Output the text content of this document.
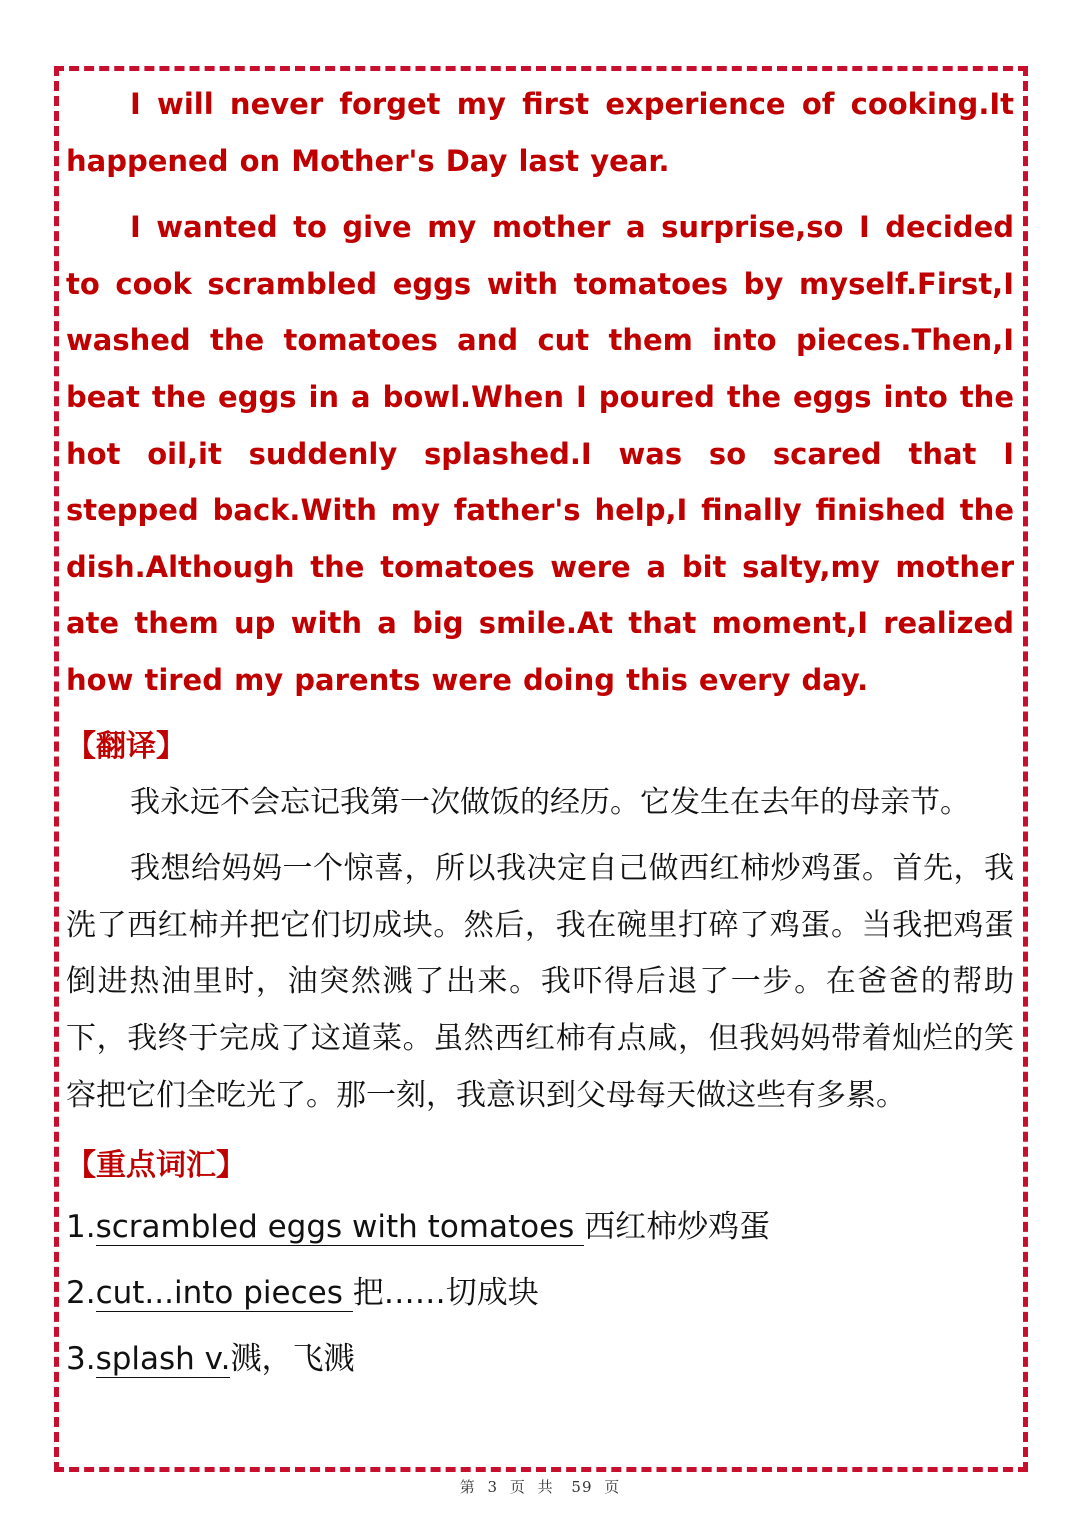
I will never forget my first experience of cooking.It happened on Mother's Day last year.

I wanted to give my mother a surprise,so I decided to cook scrambled eggs with tomatoes by myself.First,I washed the tomatoes and cut them into pieces.Then,I beat the eggs in a bowl.When I poured the eggs into the hot oil,it suddenly splashed.I was so scared that I stepped back.With my father's help,I finally finished the dish.Although the tomatoes were a bit salty,my mother ate them up with a big smile.At that moment,I realized how tired my parents were doing this every day.

【翻译】

我永远不会忘记我第一次做饭的经历。它发生在去年的母亲节。

我想给妈妈一个惊喜，所以我决定自己做西红柿炒鸡蛋。首先，我洗了西红柿并把它们切成块。然后，我在碗里打碎了鸡蛋。当我把鸡蛋倒进热油里时，油突然溅了出来。我吓得后退了一步。在爸爸的帮助下，我终于完成了这道菜。虽然西红柿有点咸，但我妈妈带着灿烂的笑容把它们全吃光了。那一刻，我意识到父母每天做这些有多累。

【重点词汇】

1.scrambled eggs with tomatoes 西红柿炒鸡蛋

2.cut...into pieces 把……切成块

3.splash v.溅，飞溅

第 3 页 共 59 页
